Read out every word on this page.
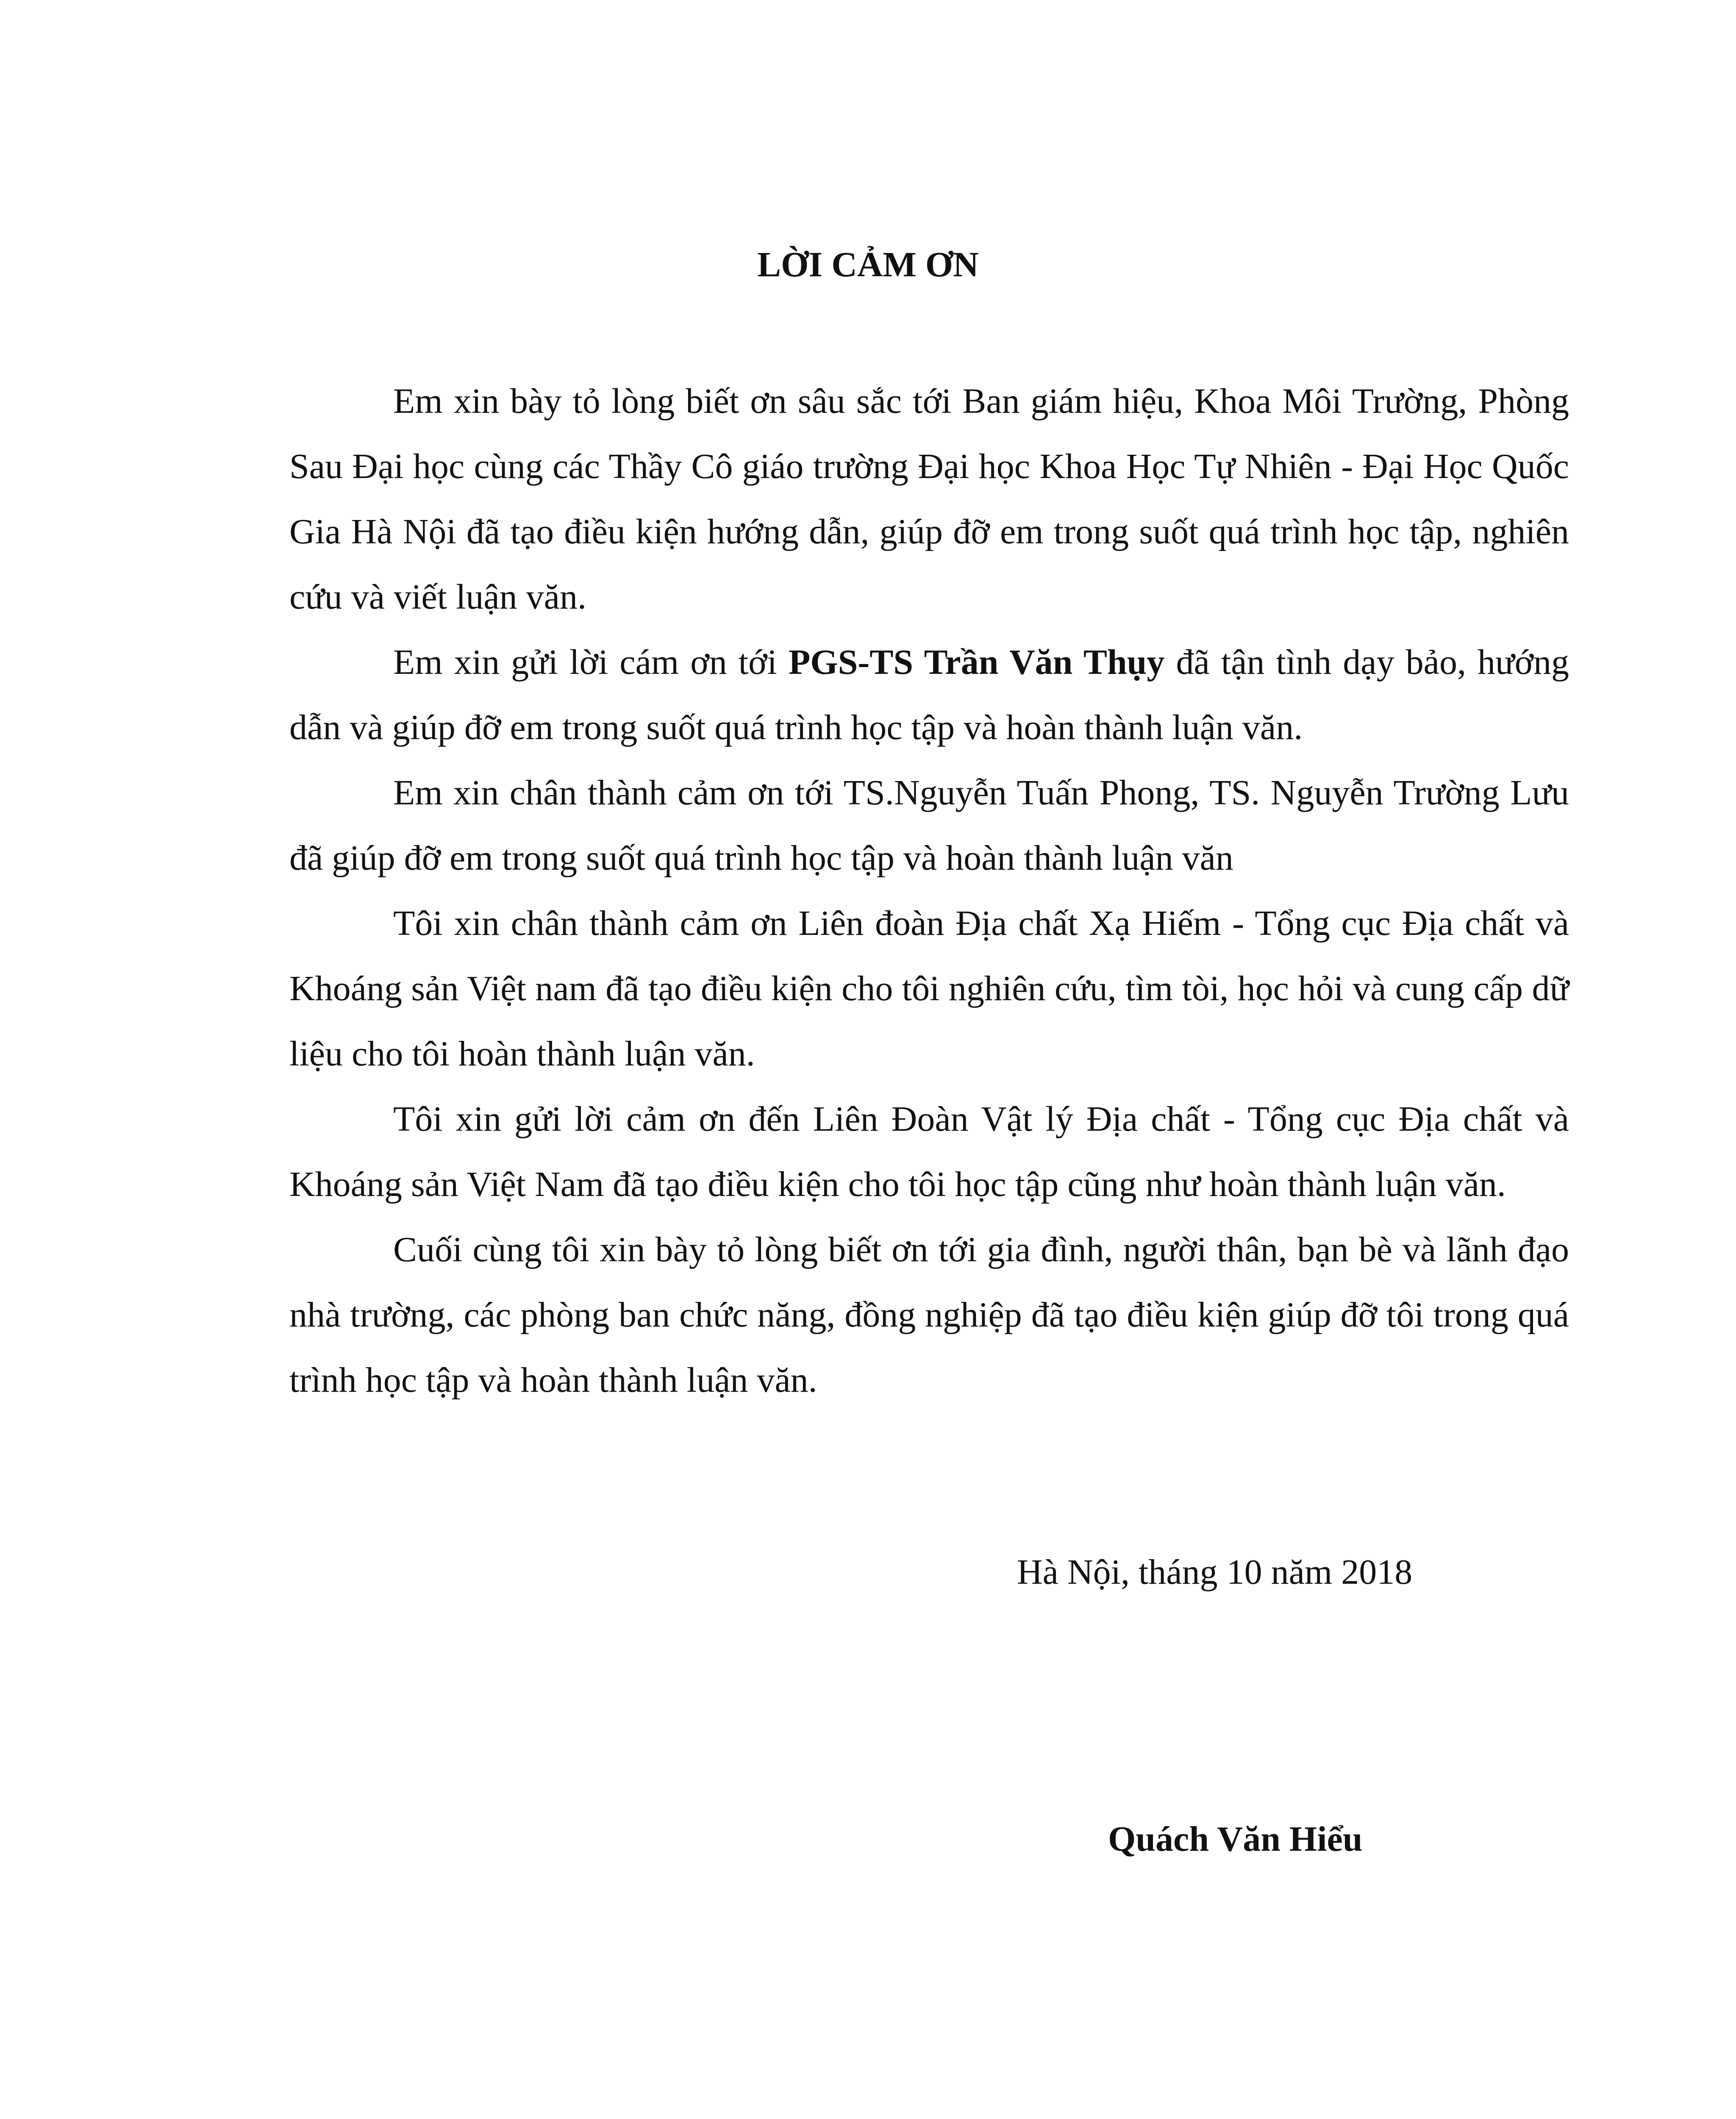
LỜI CẢM ƠN

Em xin bày tỏ lòng biết ơn sâu sắc tới Ban giám hiệu, Khoa Môi Trường, Phòng Sau Đại học cùng các Thầy Cô giáo trường Đại học Khoa Học Tự Nhiên - Đại Học Quốc Gia Hà Nội đã tạo điều kiện hướng dẫn, giúp đỡ em trong suốt quá trình học tập, nghiên cứu và viết luận văn.

Em xin gửi lời cám ơn tới PGS-TS Trần Văn Thụy đã tận tình dạy bảo, hướng dẫn và giúp đỡ em trong suốt quá trình học tập và hoàn thành luận văn.

Em xin chân thành cảm ơn tới TS.Nguyễn Tuấn Phong, TS. Nguyễn Trường Lưu đã giúp đỡ em trong suốt quá trình học tập và hoàn thành luận văn

Tôi xin chân thành cảm ơn Liên đoàn Địa chất Xạ Hiếm - Tổng cục Địa chất và Khoáng sản Việt nam đã tạo điều kiện cho tôi nghiên cứu, tìm tòi, học hỏi và cung cấp dữ liệu cho tôi hoàn thành luận văn.

Tôi xin gửi lời cảm ơn đến Liên Đoàn Vật lý Địa chất - Tổng cục Địa chất và Khoáng sản Việt Nam đã tạo điều kiện cho tôi học tập cũng như hoàn thành luận văn.

Cuối cùng tôi xin bày tỏ lòng biết ơn tới gia đình, người thân, bạn bè và lãnh đạo nhà trường, các phòng ban chức năng, đồng nghiệp đã tạo điều kiện giúp đỡ tôi trong quá trình học tập và hoàn thành luận văn.

Hà Nội, tháng 10 năm 2018

Quách Văn Hiểu
